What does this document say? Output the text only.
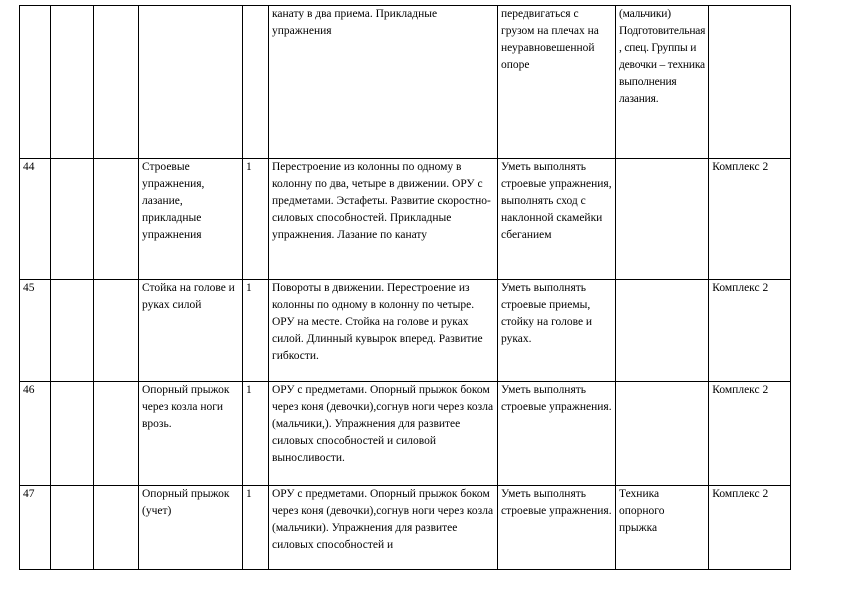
					канату в два приема. Прикладные упражнения	передвигаться с грузом на плечах на неуравновешенной опоре	(мальчики) Подготовительная , спец. Группы и девочки – техника выполнения лазания.	
44			Строевые упражнения, лазание, прикладные упражнения	1	Перестроение из колонны по одному в колонну по два, четыре в движении. ОРУ с предметами. Эстафеты. Развитие скоростно-силовых способностей. Прикладные упражнения. Лазание по канату	Уметь выполнять строевые упражнения, выполнять сход с наклонной скамейки сбеганием		Комплекс 2
45			Стойка на голове и руках силой	1	Повороты в движении. Перестроение из колонны по одному в колонну по четыре. ОРУ на месте. Стойка на голове и руках силой. Длинный кувырок вперед. Развитие гибкости.	Уметь выполнять строевые приемы, стойку на голове и руках.		Комплекс 2
46			Опорный прыжок через козла ноги врозь.	1	ОРУ с предметами. Опорный прыжок боком через коня (девочки),согнув ноги через козла (мальчики,). Упражнения для развитее силовых способностей и силовой выносливости.	Уметь выполнять строевые упражнения.		Комплекс 2
47			Опорный прыжок (учет)	1	ОРУ с предметами. Опорный прыжок боком через коня (девочки),согнув ноги через козла (мальчики). Упражнения для развитее силовых способностей и	Уметь выполнять строевые упражнения.	Техника опорного прыжка	Комплекс 2
